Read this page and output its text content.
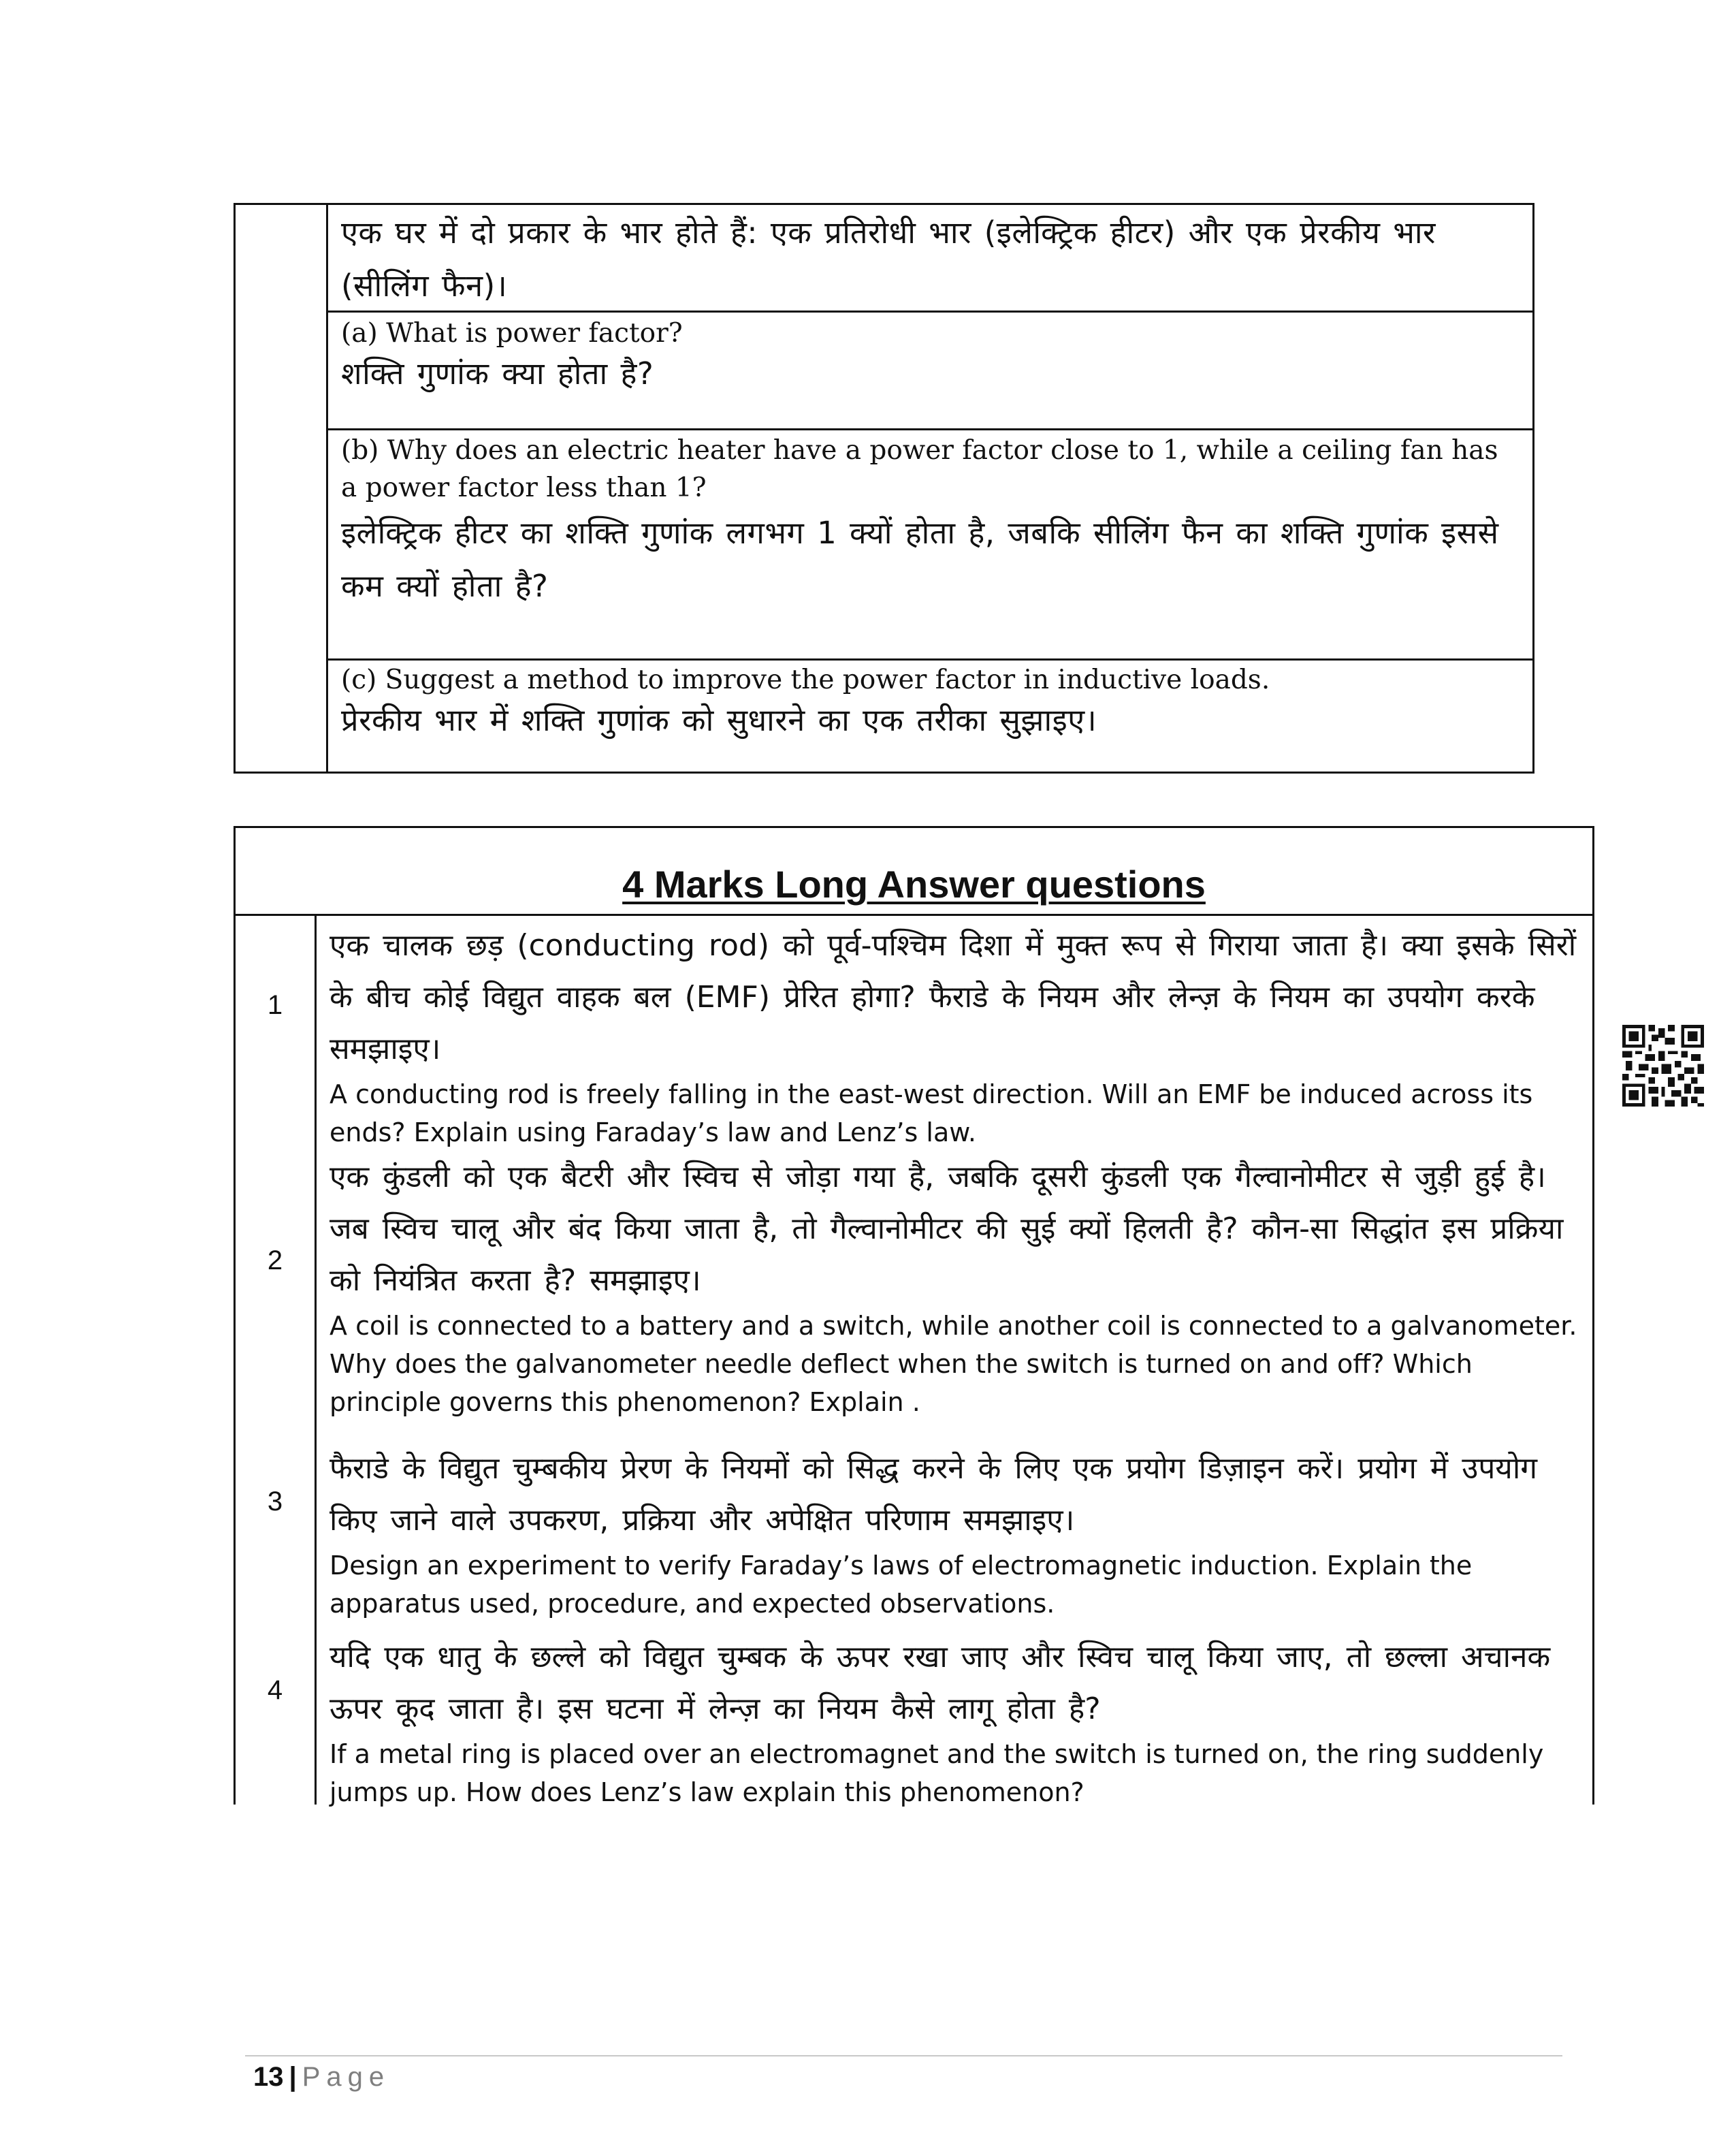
एक घर में दो प्रकार के भार होते हैं: एक प्रतिरोधी भार (इलेक्ट्रिक हीटर) और एक प्रेरकीय भार (सीलिंग फैन)।
(a) What is power factor?
शक्ति गुणांक क्या होता है?
(b) Why does an electric heater have a power factor close to 1, while a ceiling fan has a power factor less than 1?
इलेक्ट्रिक हीटर का शक्ति गुणांक लगभग 1 क्यों होता है, जबकि सीलिंग फैन का शक्ति गुणांक इससे कम क्यों होता है?
(c) Suggest a method to improve the power factor in inductive loads.
प्रेरकीय भार में शक्ति गुणांक को सुधारने का एक तरीका सुझाइए।
4 Marks Long Answer questions
1
एक चालक छड़ (conducting rod) को पूर्व-पश्चिम दिशा में मुक्त रूप से गिराया जाता है। क्या इसके सिरों के बीच कोई विद्युत वाहक बल (EMF) प्रेरित होगा? फैराडे के नियम और लेन्ज़ के नियम का उपयोग करके समझाइए।
A conducting rod is freely falling in the east-west direction. Will an EMF be induced across its ends? Explain using Faraday’s law and Lenz’s law.
2
एक कुंडली को एक बैटरी और स्विच से जोड़ा गया है, जबकि दूसरी कुंडली एक गैल्वानोमीटर से जुड़ी हुई है। जब स्विच चालू और बंद किया जाता है, तो गैल्वानोमीटर की सुई क्यों हिलती है? कौन-सा सिद्धांत इस प्रक्रिया को नियंत्रित करता है? समझाइए।
A coil is connected to a battery and a switch, while another coil is connected to a galvanometer. Why does the galvanometer needle deflect when the switch is turned on and off? Which principle governs this phenomenon? Explain .
3
फैराडे के विद्युत चुम्बकीय प्रेरण के नियमों को सिद्ध करने के लिए एक प्रयोग डिज़ाइन करें। प्रयोग में उपयोग किए जाने वाले उपकरण, प्रक्रिया और अपेक्षित परिणाम समझाइए।
Design an experiment to verify Faraday’s laws of electromagnetic induction. Explain the apparatus used, procedure, and expected observations.
4
यदि एक धातु के छल्ले को विद्युत चुम्बक के ऊपर रखा जाए और स्विच चालू किया जाए, तो छल्ला अचानक ऊपर कूद जाता है। इस घटना में लेन्ज़ का नियम कैसे लागू होता है?
If a metal ring is placed over an electromagnet and the switch is turned on, the ring suddenly jumps up. How does Lenz’s law explain this phenomenon?
13 | Page
